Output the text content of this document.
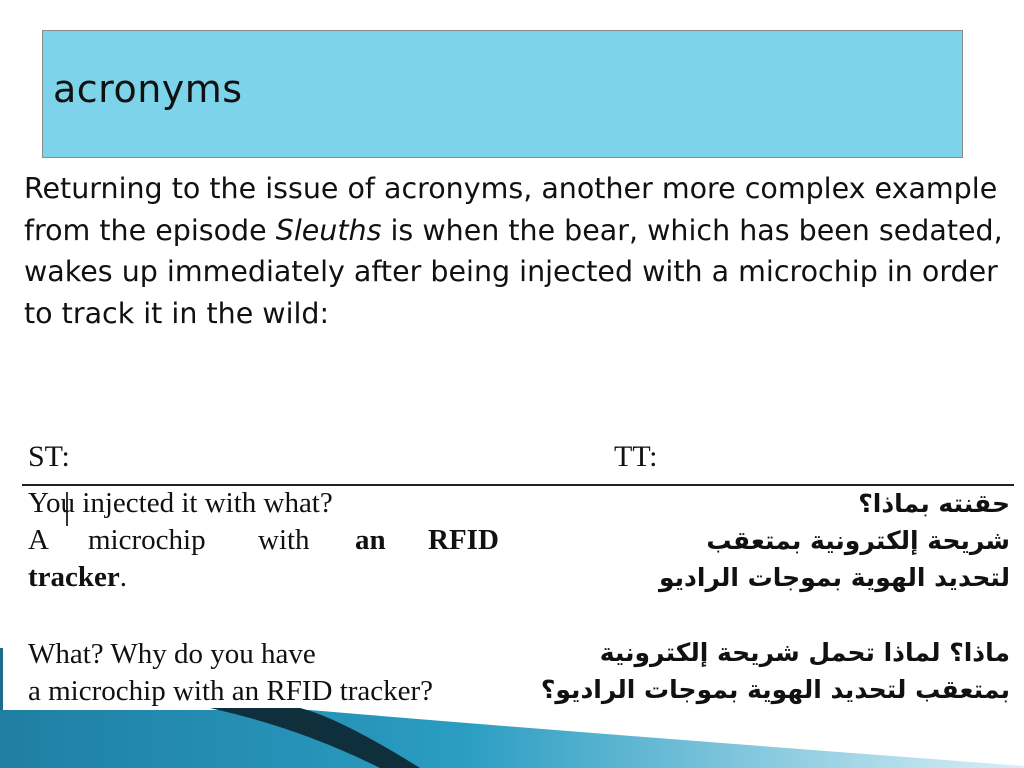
acronyms

Returning to the issue of acronyms, another more complex example from the episode Sleuths is when the bear, which has been sedated, wakes up immediately after being injected with a microchip in order to track it in the wild:

ST:	TT:
You injected it with what?
A microchip with an RFID
tracker.
What? Why do you have
a microchip with an RFID tracker?
حقنته بماذا؟
شريحة إلكترونية بمتعقب
لتحديد الهوية بموجات الراديو
ماذا؟ لماذا تحمل شريحة إلكترونية
بمتعقب لتحديد الهوية بموجات الراديو؟
